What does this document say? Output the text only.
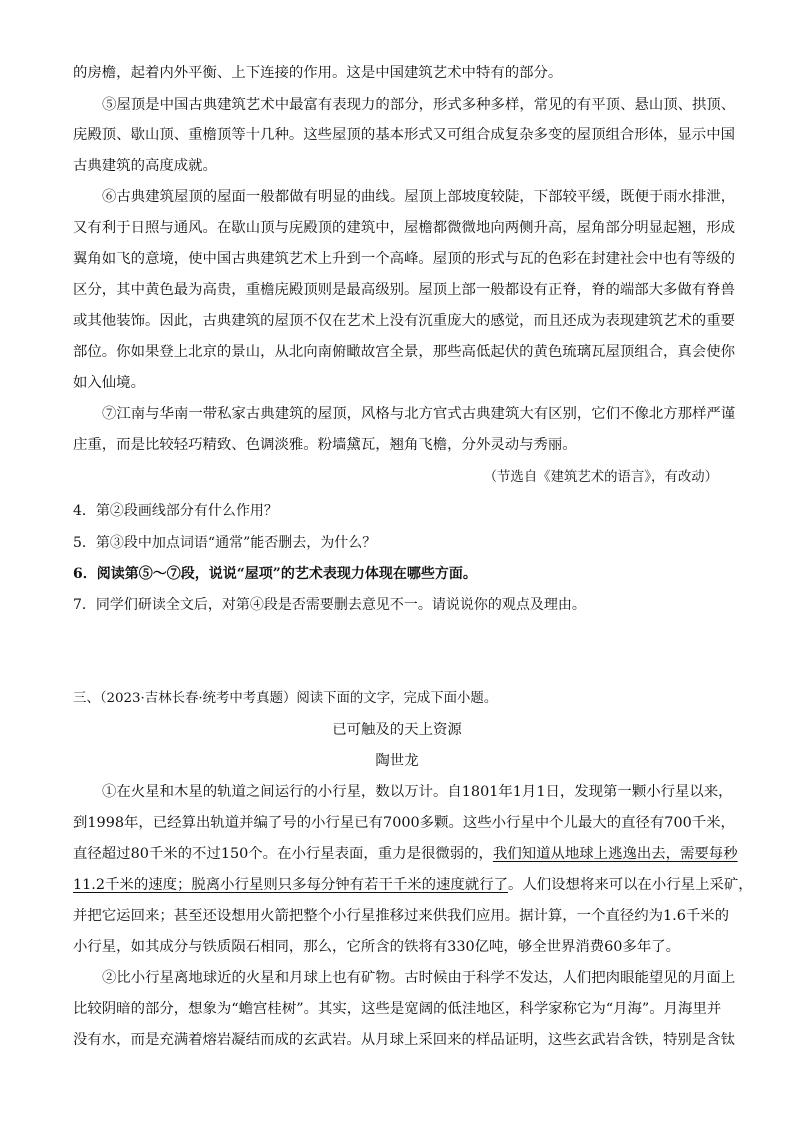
的房檐，起着内外平衡、上下连接的作用。这是中国建筑艺术中特有的部分。
⑤屋顶是中国古典建筑艺术中最富有表现力的部分，形式多种多样，常见的有平顶、悬山顶、拱顶、
庑殿顶、歇山顶、重檐顶等十几种。这些屋顶的基本形式又可组合成复杂多变的屋顶组合形体，显示中国
古典建筑的高度成就。
⑥古典建筑屋顶的屋面一般都做有明显的曲线。屋顶上部坡度较陡，下部较平缓，既便于雨水排泄，
又有利于日照与通风。在歇山顶与庑殿顶的建筑中，屋檐都微微地向两侧升高，屋角部分明显起翘，形成
翼角如飞的意境，使中国古典建筑艺术上升到一个高峰。屋顶的形式与瓦的色彩在封建社会中也有等级的
区分，其中黄色最为高贵，重檐庑殿顶则是最高级别。屋顶上部一般都设有正脊，脊的端部大多做有脊兽
或其他装饰。因此，古典建筑的屋顶不仅在艺术上没有沉重庞大的感觉，而且还成为表现建筑艺术的重要
部位。你如果登上北京的景山，从北向南俯瞰故宫全景，那些高低起伏的黄色琉璃瓦屋顶组合，真会使你
如入仙境。
⑦江南与华南一带私家古典建筑的屋顶，风格与北方官式古典建筑大有区别，它们不像北方那样严谨
庄重，而是比较轻巧精致、色调淡雅。粉墙黛瓦，翘角飞檐，分外灵动与秀丽。
（节选自《建筑艺术的语言》，有改动）
4．第②段画线部分有什么作用？
5．第③段中加点词语“通常”能否删去，为什么？
6．阅读第⑤～⑦段，说说“屋项”的艺术表现力体现在哪些方面。
7．同学们研读全文后，对第④段是否需要删去意见不一。请说说你的观点及理由。
三、（2023·吉林长春·统考中考真题）阅读下面的文字，完成下面小题。
已可触及的天上资源
陶世龙
①在火星和木星的轨道之间运行的小行星，数以万计。自1801年1月1日，发现第一颗小行星以来，
到1998年，已经算出轨道并编了号的小行星已有7000多颗。这些小行星中个儿最大的直径有700千米，
直径超过80千米的不过150个。在小行星表面，重力是很微弱的，我们知道从地球上逃逸出去，需要每秒
11.2千米的速度；脱离小行星则只多每分钟有若干千米的速度就行了。人们设想将来可以在小行星上采矿，
并把它运回来；甚至还设想用火箭把整个小行星推移过来供我们应用。据计算，一个直径约为1.6千米的
小行星，如其成分与铁质陨石相同，那么，它所含的铁将有330亿吨，够全世界消费60多年了。
②比小行星离地球近的火星和月球上也有矿物。古时候由于科学不发达，人们把肉眼能望见的月面上
比较阴暗的部分，想象为“蟾宫桂树”。其实，这些是宽阔的低洼地区，科学家称它为“月海”。月海里并
没有水，而是充满着熔岩凝结而成的玄武岩。从月球上采回来的样品证明，这些玄武岩含铁，特别是含钛
